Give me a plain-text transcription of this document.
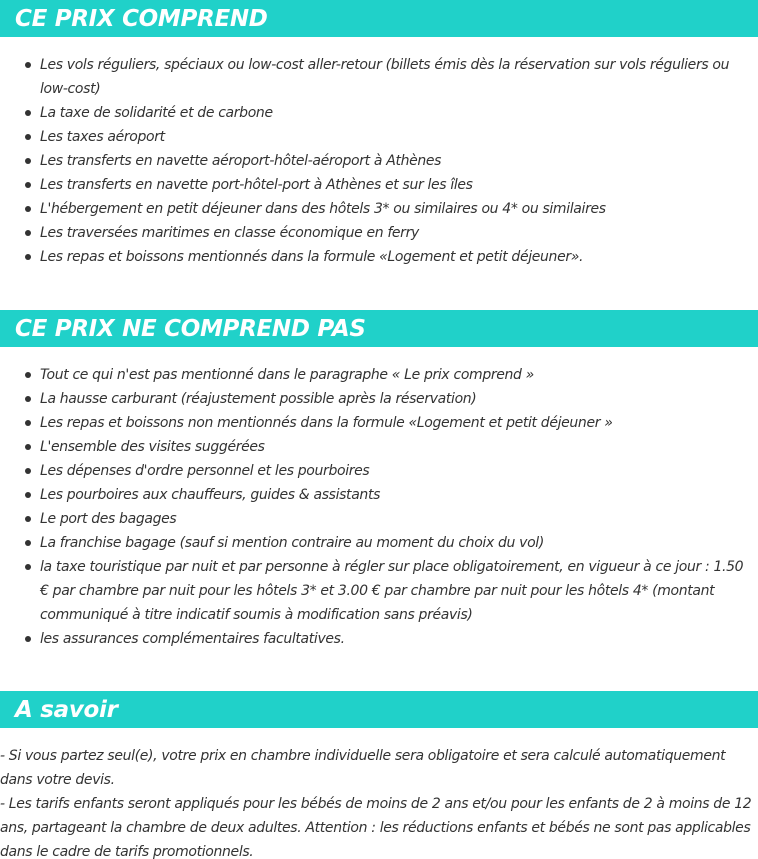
CE PRIX COMPREND
Les vols réguliers, spéciaux ou low-cost aller-retour (billets émis dès la réservation sur vols réguliers ou low-cost)
La taxe de solidarité et de carbone
Les taxes aéroport
Les transferts en navette aéroport-hôtel-aéroport à Athènes
Les transferts en navette port-hôtel-port à Athènes et sur les îles
L'hébergement en petit déjeuner dans des hôtels 3* ou similaires ou 4* ou similaires
Les traversées maritimes en classe économique en ferry
Les repas et boissons mentionnés dans la formule «Logement et petit déjeuner».
CE PRIX NE COMPREND PAS
Tout ce qui n'est pas mentionné dans le paragraphe « Le prix comprend »
La hausse carburant (réajustement possible après la réservation)
Les repas et boissons non mentionnés dans la formule «Logement et petit déjeuner »
L'ensemble des visites suggérées
Les dépenses d'ordre personnel et les pourboires
Les pourboires aux chauffeurs, guides & assistants
Le port des bagages
La franchise bagage (sauf si mention contraire au moment du choix du vol)
la taxe touristique par nuit et par personne à régler sur place obligatoirement, en vigueur à ce jour : 1.50 € par chambre par nuit pour les hôtels 3* et 3.00 € par chambre par nuit pour les hôtels 4* (montant communiqué à titre indicatif soumis à modification sans préavis)
les assurances complémentaires facultatives.
A savoir

- Si vous partez seul(e), votre prix en chambre individuelle sera obligatoire et sera calculé automatiquement dans votre devis.

- Les tarifs enfants seront appliqués pour les bébés de moins de 2 ans et/ou pour les enfants de 2 à moins de 12 ans, partageant la chambre de deux adultes. Attention : les réductions enfants et bébés ne sont pas applicables dans le cadre de tarifs promotionnels.
